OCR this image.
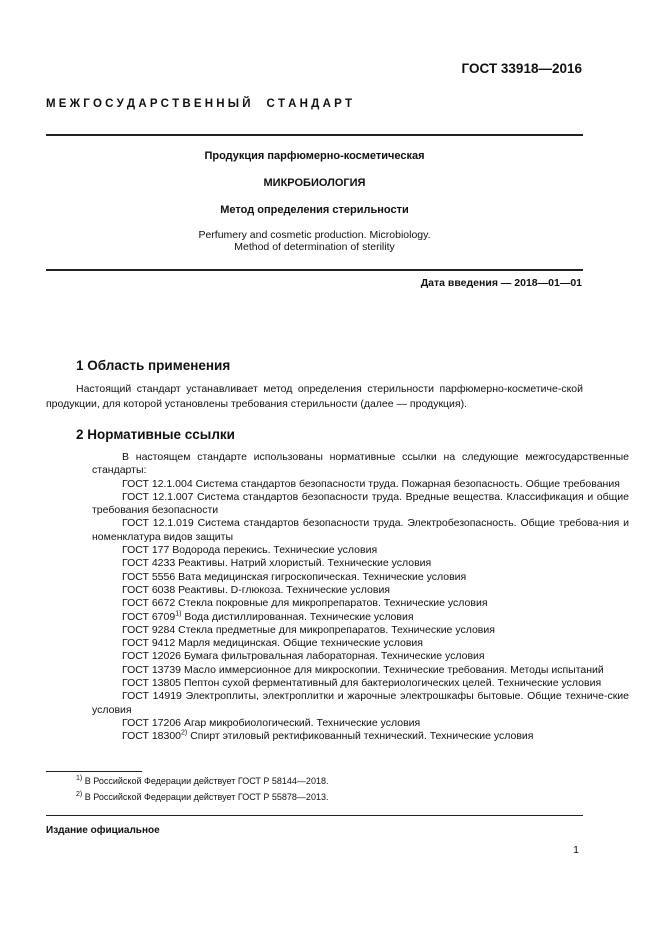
ГОСТ 33918—2016
М Е Ж Г О С У Д А Р С Т В Е Н Н Ы Й     С Т А Н Д А Р Т
Продукция парфюмерно-косметическая
МИКРОБИОЛОГИЯ
Метод определения стерильности
Perfumery and cosmetic production. Microbiology.
Method of determination of sterility
Дата введения — 2018—01—01
1 Область применения
Настоящий стандарт устанавливает метод определения стерильности парфюмерно-косметиче-ской продукции, для которой установлены требования стерильности (далее — продукция).
2 Нормативные ссылки
В настоящем стандарте использованы нормативные ссылки на следующие межгосударственные стандарты:
ГОСТ 12.1.004 Система стандартов безопасности труда. Пожарная безопасность. Общие требования
ГОСТ 12.1.007 Система стандартов безопасности труда. Вредные вещества. Классификация и общие требования безопасности
ГОСТ 12.1.019 Система стандартов безопасности труда. Электробезопасность. Общие требова-ния и номенклатура видов защиты
ГОСТ 177 Водорода перекись. Технические условия
ГОСТ 4233 Реактивы. Натрий хлористый. Технические условия
ГОСТ 5556 Вата медицинская гигроскопическая. Технические условия
ГОСТ 6038 Реактивы. D-глюкоза. Технические условия
ГОСТ 6672 Стекла покровные для микропрепаратов. Технические условия
ГОСТ 6709$^{1)}$ Вода дистиллированная. Технические условия
ГОСТ 9284 Стекла предметные для микропрепаратов. Технические условия
ГОСТ 9412 Марля медицинская. Общие технические условия
ГОСТ 12026 Бумага фильтровальная лабораторная. Технические условия
ГОСТ 13739 Масло иммерсионное для микроскопии. Технические требования. Методы испытаний
ГОСТ 13805 Пептон сухой ферментативный для бактериологических целей. Технические условия
ГОСТ 14919 Электроплиты, электроплитки и жарочные электрошкафы бытовые. Общие техниче-ские условия
ГОСТ 17206 Агар микробиологический. Технические условия
ГОСТ 18300$^{2)}$ Спирт этиловый ректификованный технический. Технические условия
$^{1)}$ В Российской Федерации действует ГОСТ Р 58144—2018.
$^{2)}$ В Российской Федерации действует ГОСТ Р 55878—2013.
Издание официальное
1
